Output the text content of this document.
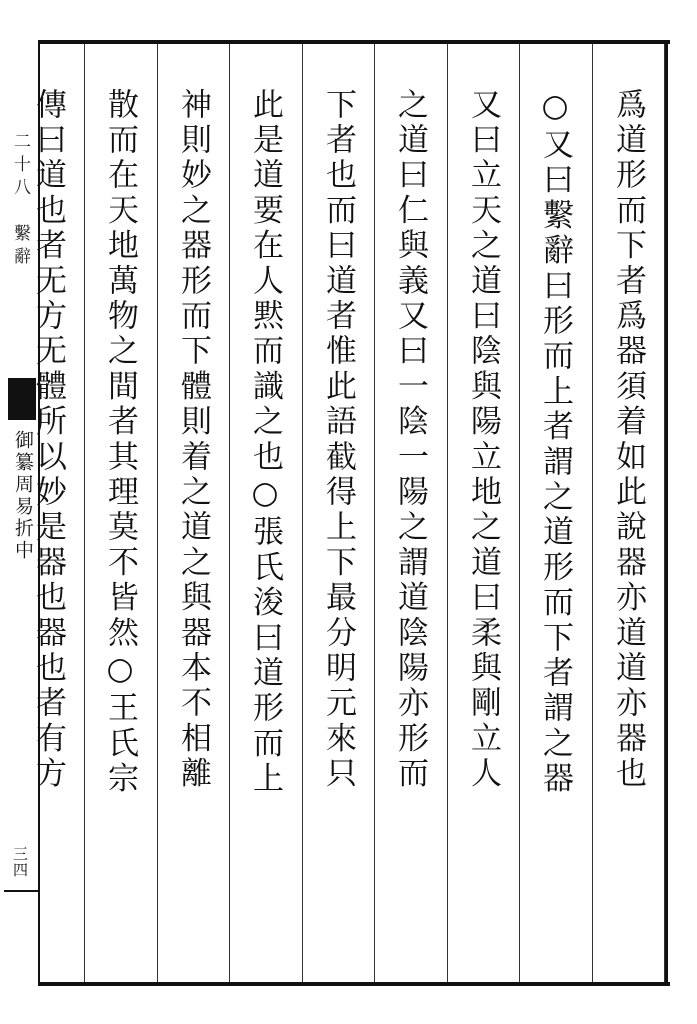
二十八　繫辭
御纂周易折中
三四
爲道形而下者爲器須着如此說器亦道道亦器也
○又曰繫辭曰形而上者謂之道形而下者謂之器
又曰立天之道曰陰與陽立地之道曰柔與剛立人
之道曰仁與義又曰一陰一陽之謂道陰陽亦形而
下者也而曰道者惟此語截得上下最分明元來只
此是道要在人黙而識之也○張氏浚曰道形而上
神則妙之器形而下體則着之道之與器本不相離
散而在天地萬物之間者其理莫不皆然○王氏宗
傳曰道也者无方无體所以妙是器也器也者有方
